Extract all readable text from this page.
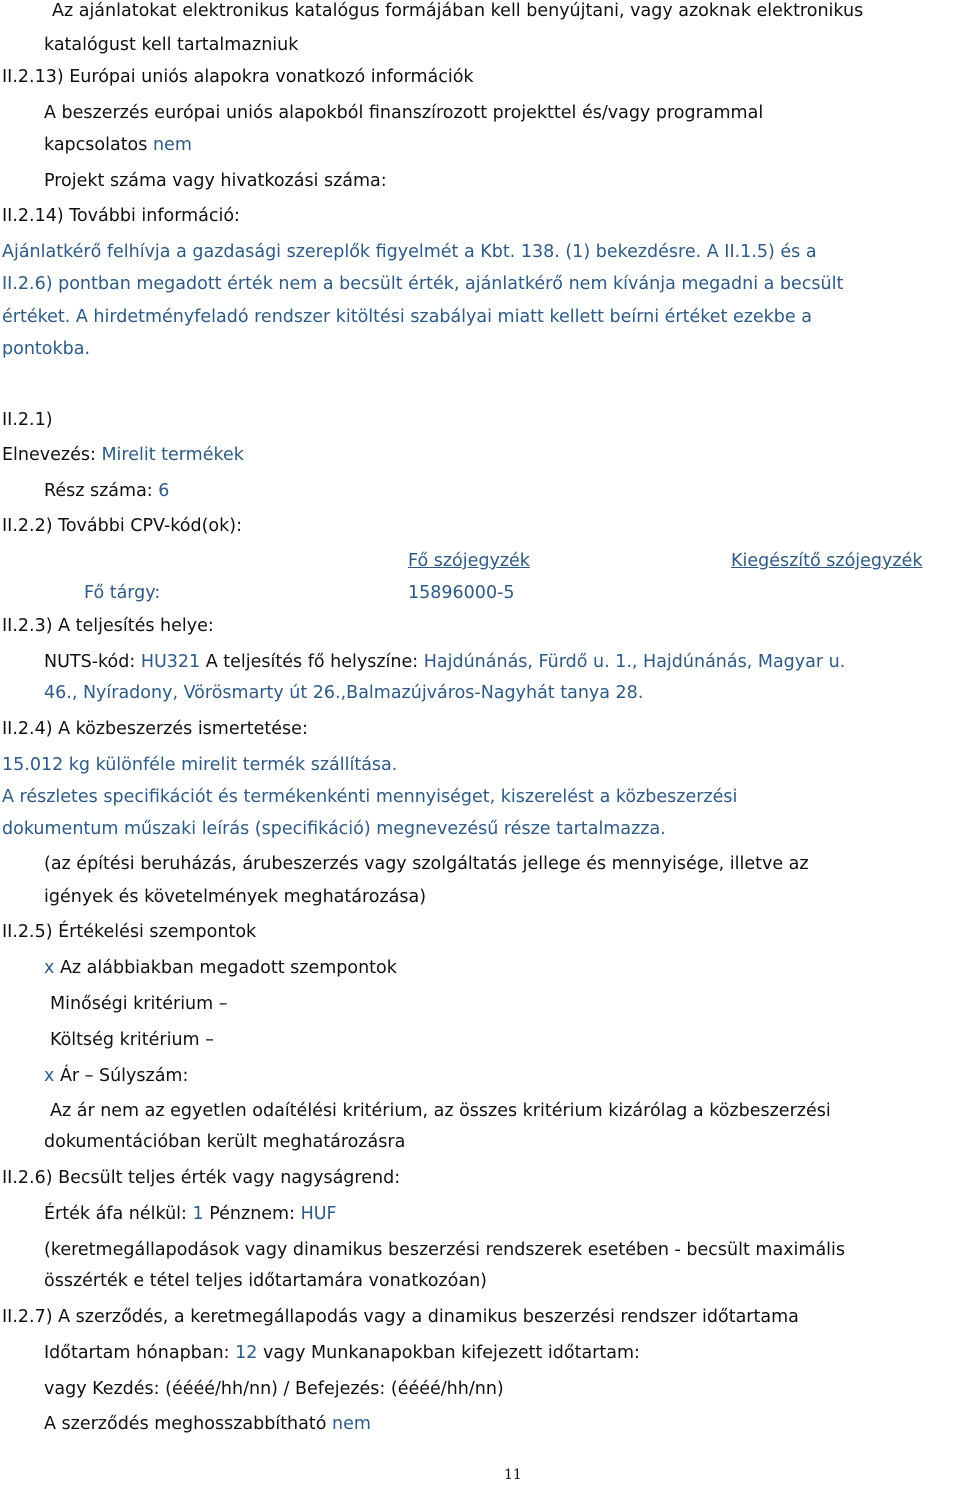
Az ajánlatokat elektronikus katalógus formájában kell benyújtani, vagy azoknak elektronikus
katalógust kell tartalmazniuk
II.2.13) Európai uniós alapokra vonatkozó információk
A beszerzés európai uniós alapokból finanszírozott projekttel és/vagy programmal
kapcsolatos nem
Projekt száma vagy hivatkozási száma:
II.2.14) További információ:
Ajánlatkérő felhívja a gazdasági szereplők figyelmét a Kbt. 138. (1) bekezdésre. A II.1.5) és a
II.2.6) pontban megadott érték nem a becsült érték, ajánlatkérő nem kívánja megadni a becsült
értéket. A hirdetményfeladó rendszer kitöltési szabályai miatt kellett beírni értéket ezekbe a
pontokba.
II.2.1)
Elnevezés: Mirelit termékek
Rész száma: 6
II.2.2) További CPV-kód(ok):
Fő szójegyzék	Kiegészítő szójegyzék
Fő tárgy:	15896000-5
II.2.3) A teljesítés helye:
NUTS-kód: HU321 A teljesítés fő helyszíne: Hajdúnánás, Fürdő u. 1., Hajdúnánás, Magyar u.
46., Nyíradony, Vörösmarty út 26.,Balmazújváros-Nagyhát tanya 28.
II.2.4) A közbeszerzés ismertetése:
15.012 kg különféle mirelit termék szállítása.
A részletes specifikációt és termékenkénti mennyiséget, kiszerelést a közbeszerzési
dokumentum műszaki leírás (specifikáció) megnevezésű része tartalmazza.
(az építési beruházás, árubeszerzés vagy szolgáltatás jellege és mennyisége, illetve az
igények és követelmények meghatározása)
II.2.5) Értékelési szempontok
x Az alábbiakban megadott szempontok
Minőségi kritérium –
Költség kritérium –
x Ár – Súlyszám:
Az ár nem az egyetlen odaítélési kritérium, az összes kritérium kizárólag a közbeszerzési
dokumentációban került meghatározásra
II.2.6) Becsült teljes érték vagy nagyságrend:
Érték áfa nélkül: 1 Pénznem: HUF
(keretmegállapodások vagy dinamikus beszerzési rendszerek esetében - becsült maximális
összérték e tétel teljes időtartamára vonatkozóan)
II.2.7) A szerződés, a keretmegállapodás vagy a dinamikus beszerzési rendszer időtartama
Időtartam hónapban: 12 vagy Munkanapokban kifejezett időtartam:
vagy Kezdés: (éééé/hh/nn) / Befejezés: (éééé/hh/nn)
A szerződés meghosszabbítható nem
11
